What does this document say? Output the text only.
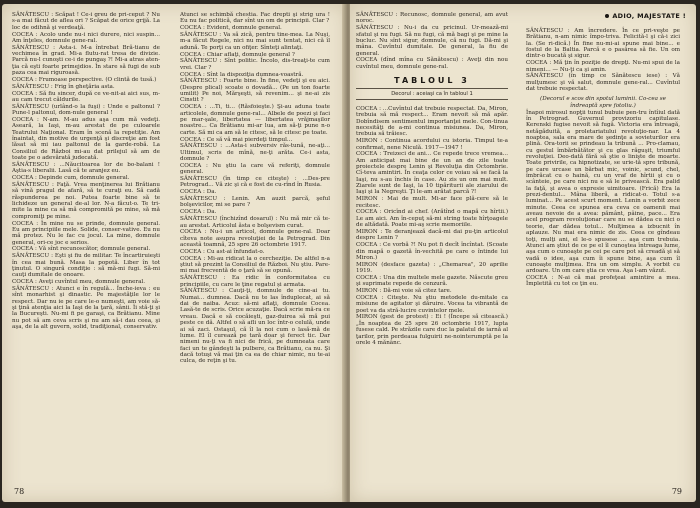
SĂNĂTESCU : Scăpat ! Ce-i greu de pri-ceput ? Nu s-a mai făcut de aflea ori ? Scăpat de orice grijă. La loc de odihnă şi verdeaţă.

COCEA : Acolo unde nu-i nici durere, nici suspin... Am înţeles, domnule gene-ral.

SĂNĂTESCU : Asta-i. M-a întrebat Bră-tianu de vechimea în grad. Mi-a flutu-rat tresa de divizie. Parcă nu-l cunoşti ce-i de pungaş ?! Mi-a atras aten-ţia că eşti foarte primejdios. În stare să fugi de sub paza cea mai riguroasă.

COCEA : Frumoase perspective. (O clintă de tusă.)

SĂNĂTESCU : Frig în gheţăria asta.

COCEA : Să fiu sincer, după ce ve-nit-ai aici sus, m-au cam trecut căldurile.

SĂNĂTESCU (urlând-o la fuşi) : Unde e paltonul ? Pune-l paltonul, dom-nule general !

COCEA : N-am. M-au adus aşa cum mă vedeţi. Aseară, la Iaşi, m-au arestat de pe culoarele Teatrului Naţional. Eram în scenă la repetiţie. Am înaintat, din motive de urgenţă şi discreţie am fost lăsat să mi iau paltonul de la garde-robă. La Consiliul de Război mi-au dat prilejul să am de toate pe o adevărată judecată.

SĂNĂTESCU : ...Năucitoarea lor de bo-balani ! Aştia-s liberalii. Lasă că te aranjez eu.

COCEA : Depinde cum, domnule general.

SĂNĂTESCU : Faţă. Vrea menţinerea lui Brătianu să vină pragul de afară, să te curaţi eu. Să cadă răspunderea pe noi. Putea foarte bine să te lichideze un general de-al lor. N-a făcut-o. Te tri-mite la mine ca să mă compromită pe mine, să mă compromiţi pe mine.

COCEA : În mine nu se prinde, domnule general. Eu am principiile mele. Solide, conser-vative. Eu nu mă protez. Nu le fac cu jocul. La mine, domnule general, ori-ce joc e serios.

COCEA : Vă sînt recunoscător, domnule general.

SĂNĂTESCU : Eşti şi fiu de militar. Te încartiruieşti în cea mai bună. Masa la popotă. Liber în tot ţinutul. O singură condiţie : să mă-mi fugi. Să-mi cauţi dumitale de onoare.

COCEA : Aveţi cuvîntul meu, domnule general.

SĂNĂTESCU : Atunci e în regulă... Înche-ieva : eu sînt monarhist şi dinastic. Pe majestăţile lor le respect. Dar nu ie pe care le-o numeşti, am voie să-şi ţină atenţia aici la Iaşi de la ţară, sânii. Îi stă-ţi şi la Bucureşti. Nu-mi fi pe garaşi, ca Brătianu. Mine nu pot să am ceva scris şi nu am să-i dau ceea, şi aşa, de la alt guvern, solid, tradiţional, conservativ.

Atunci se schimbă chestia. Fac drepti şi strig ura ! Eu nu fac politică, dar sînt un om de principii. Clar ?

COCEA : Evident, domnule general.

SĂNĂTESCU : Va să zică, pentru tine-mea. La Nuşi, m-a făcut Regele, nici nu mai sunt tentat, nici că îl adună. Te porţi ca un ofiţer. Sînteţi alintaţi.

COCEA : Chiar aflaţi, domnule general ?

SĂNĂTESCU : Sînt politic. Încolo, dis-treaţi-te cum vrei. Clar ?

COCEA : Sînt la dispoziţia dumnea-voastră.

SĂNĂTESCU : Foarte bine. În fine, vedeţi şi eu aici. (Despre plical) scoate o dovadă... (Pe un ton foarte umilit) Pe noi, Mărşeşti, să revenim... şi ne-ai zis Cinstit ?

COCEA : ...Ti, ti... (Răsfoieşte.) Şi-au aduna toate articolele, domnule gene-ral... Albele de poezi şi faci pe mar-şale, libertatea — libertatea vrăjmaşilor noastre... Ca Brătianu mi-ar lua, am să-ţi pune n-o carte. Să mi ca am să le citesc, să le citesc pe toate.

COCEA : Ce să vă mai pierdeţi timpul...

SĂNĂTESCU : ...Asta-i subversiv răs-tună, ne-aţi... Ultimul, scris de mînă, ne-ţi arăta. Ce-i asta, domnule ?

COCEA : Nu ştiu la care vă referiţi, domnule general.

SĂNĂTESCU (în timp ce citeşte) : ...Des-pre Petrograd... Vă zic şi că e fost de cu-rînd în Rusia.

COCEA : Da.

SĂNĂTESCU : Lenin. Am auzit parcă, şeful bolşevicilor, mi se pare ?

COCEA : Da.

SĂNĂTESCU (închizînd dosarul) : Nu mă mir că te-au arestat. Articolul ăsta e bolşevism curat.

COCEA : Nu-i un articol, domnule gene-ral. Doar cîteva note asupra revoluţiei de la Petrograd. Din aceastâ toamnă, 25 spre 26 octombrie 1917.

COCEA : Cu ast-ai înfundat-o.

COCEA : Mi-au ridicat la o cercheziţie. De altfel n-a ştiut să prezint la Consiliul de Război. Nu ştiu. Pare-mi mai frecventă de o ţară să se opună.

SĂNĂTESCU : Ea ridic în conformitatea cu principiile, cu care le ţine regatul și armata.

SĂNĂTESCU : Cauţi-ţi, domnule de cine-ai tu. Numai... dumnea. Dacă nu te las înduplecat, ai să dai de naiba. Acuz: să-mi aflaţi, domnule Cocea. Lasă-te de scris. Orice acuzaţie. Dacă scrie mă-ra ce vreau. Dacă e să cocăieşti, gaz-duirea să mă pui peste ce dă. Altfel o să afli un loc într-o celulă, unde ai să zaci. Ostaşul, că îl la noi cum o lasă-mă de lume. El îl curează pe tară doar şi ferect tic. Dar nimeni nu-ţi va fi nici de frică, pe dumneata care faci un te gândeşti la pulbere, ca Brătianu, ca nu. Şi dacă totuşi vă mai ţin ca ea de chiar nimic, nu te-ai culca, de reţin şi tu.

78
ADIO, MAJESTATE !

SĂNĂTESCU : Recunosc, domnule general, am avut noroc.

SĂNĂTESCU : Nu-i da cu pricinul. Ur-mează-mi sfatul şi nu fugi. Să nu fugi, că mă bagi şi pe mine la bucluc. Nu sînt sigur, domnule, că nu fugi. Dă-mi şi mâna. Cuvîntul dumitale. De general, la fiu de general.

COCEA (dînd mîna cu Sănătescu) : Aveţi din nou cuvîntul meu, domnule gene-ral.

TABLOUL 3
Decorul : aceiaşi ca în tabloul 1

COCEA : ...Cuvîntul dat trebuie respectat. Da, Miron, trebuia să mă respect... Eram nevoit să mă apăr. Dobîndisem sentimentul importanţei mele. Con-tinua necesităţi de a-mi continua misiunea. Da, Miron, trebuia să trăiesc.

MIRON : Continua acordului cu istoria. Timpul te-a confirmat, nene Niculă. 1917—1947 !

COCEA : Treizeci de ani... Ce repede trece vremea... Am anticipat mai bine de un an de zile toate proiectele despre Lenin şi Revoluţia din Octombrie. Cî-teva amintiri. În ceaţa celor ce voiau să se facă la Iaşi, nu s-au închis în case. Au zis un om mai mult. Ziarele sunt de Iaşi, la 10 tipăriturii ale ziarului de Iaşi şi la Negreşti. Ţi le-am arătat parcă ?!

MIRON : Mai de mult. Mi-ar face plă-cere să le recitesc.

COCEA : Oricînd ai chef. (Arătînd o mapă cu hîrtii.) Le am aici. Am în-cepuţ să-mi string toate hîrţoagele de altădată. Poate mi-aş scrie memoriile.

MIRON : Te deranjează dacă-mi dai pu-ţin articolul despre Lenin ?

COCEA : Ce vorbă ?! Nu pot fi decît încîntat. (Scoate din mapă o gazetă în-vechită pe care o întinde lui Miron.)

MIRON (desface gazeta) : „Chemarea", 20 aprilie 1919.

COCEA : Una din multele mele gazete. Născute greu şi suprimate repede de cenzură.

MIRON : Dă-mi voie să citez tare.

COCEA : Citeşte. Nu ştiu metodele du-mitale ca misiune de agitator şi dăruire. Vocea ta vibrantă de poet va da stră-lucire cuvintelor mele.

MIRON (gest de protest) : Ei ! (Începe să citească.) „În noaptea de 25 spre 26 octombrie 1917, lupta fusese cald. Pe străzile care duc la palatul de iarnă al ţarilor, prin perdeaua fulguirii ne-nointerumptă pe la orele 4 mănânc.

SĂNĂTESCU : Am încredere. În ce pri-veşte pe Brătianu, n-am nimic împo-triva. Felicită-l şi că-i zici la. (Se ri-dică.) În fine nu-mi-ai spune mai bine... e fostul de la Baltia. Parcă e o pasărea să fie. Un om dintr-o bucată şi sigur.

COCEA : Mă ţin în poziţie de drepţi. Nu-mi spui de la nimeni... — Nu-ţi ca şi amin.

SĂNĂTESCU (în timp ce Sănătescu iese) : Vă mulţumesc şi vă salut, domnule gene-ral... Cuvîntul dat trebuie respectat.

(Decorul e scos din spotul luminii. Co-cea se îndreaptă spre fotoliu.)

Înapoi mirosul nopţii tunul bubuie pen-tru întîiul dată în Petrograd. Guvernul provizoriu capitulase. Kerenski fugise nevoit să fugă. Victoria era întreagă, netăgăduită, a proletariatului revoluţio-nar. La 4 noaptea, sala era mare de şedinţe a sovieturilor era plină. Ora-torii se prindeau la tribună ... Pro-clamau, cu gestul îmbărbătător şi cu glas răguşit, triumful revoluţiei. Deo-dată fără să ştie o linişte de moarte. Toate privirile, ca hipnotizate, se urie-tă spre tribună, pe care urcase un bărbat mic, voinic, scund, chel, îmbrăcat cu o haină, cu un vraf de hîrtii şi cu o scânteie, pe care nici nu e să le privească. Era palid la faţă, şi avea o expresie uimitoare. (Frică) Era la prezi-dentul... Mâna liberă, a ridicat-o. Totul s-a luminat... Pe acest scurt moment. Lenin a vorbit zece minute. Ceea ce spunea era ceva ce oamenii mai aveau nevoie de a avea: pământ, pâine, pace... Era acel program revoluţionar care nu se dădea cu nici o teorie, dar dădea totul... Mulţimea a izbucnit în aplauze. Nu mai era nimic de zis. Ceea ce gîndeau toţi, mulţi ani, el le-o spusese ... aşa cum trebuia. Atunci am ştiut de ce pe el îl cunoştea întreaga lume, aşa cum o cunoaşte pe cei pe care pot să creadă şi să vadă o idee, aşa cum îi spune bine, aşa cum îl cunoaşte mulţimea. Era un om simplu. A vorbit cu ardoare. Un om care ştia ce vrea. Aşa l-am văzut.

COCEA : N-ai că mai profeţeai amintire a mea. Împletită cu tot ce ţin eu.

79
